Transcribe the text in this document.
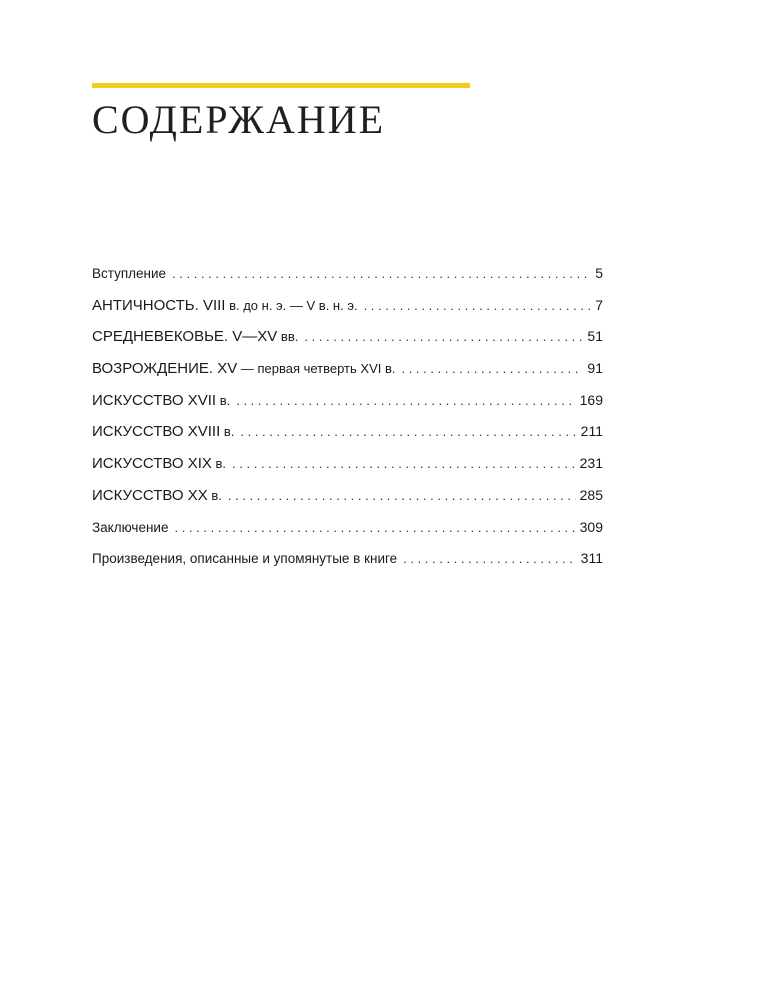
СОДЕРЖАНИЕ
Вступление . . .	5
АНТИЧНОСТЬ. VIII в. до н. э. — V в. н. э. . . .	7
СРЕДНЕВЕКОВЬЕ. V—XV вв. . . .	51
ВОЗРОЖДЕНИЕ. XV — первая четверть XVI в. . . .	91
ИСКУССТВО XVII в. . . .	169
ИСКУССТВО XVIII в. . . .	211
ИСКУССТВО XIX в. . . .	231
ИСКУССТВО XX в. . . .	285
Заключение . . .	309
Произведения, описанные и упомянутые в книге . . .	311
